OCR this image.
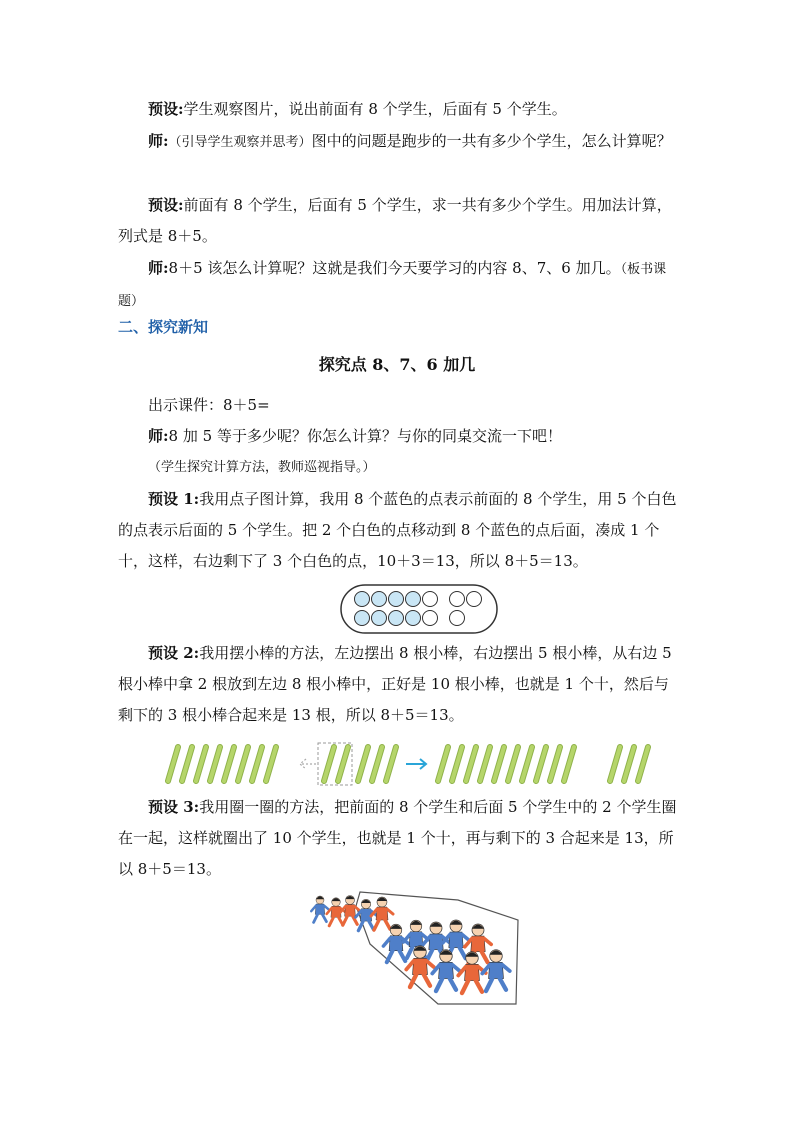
预设:学生观察图片，说出前面有 8 个学生，后面有 5 个学生。

师:（引导学生观察并思考）图中的问题是跑步的一共有多少个学生，怎么计算呢？

预设:前面有 8 个学生，后面有 5 个学生，求一共有多少个学生。用加法计算，列式是 8＋5。

师:8＋5 该怎么计算呢？这就是我们今天要学习的内容 8、7、6 加几。（板书课题）

二、探究新知

探究点 8、7、6 加几

出示课件：8＋5=

师:8 加 5 等于多少呢？你怎么计算？与你的同桌交流一下吧！

（学生探究计算方法，教师巡视指导。）

预设 1:我用点子图计算，我用 8 个蓝色的点表示前面的 8 个学生，用 5 个白色的点表示后面的 5 个学生。把 2 个白色的点移动到 8 个蓝色的点后面，凑成 1 个十，这样，右边剩下了 3 个白色的点，10＋3＝13，所以 8＋5＝13。

预设 2:我用摆小棒的方法，左边摆出 8 根小棒，右边摆出 5 根小棒，从右边 5 根小棒中拿 2 根放到左边 8 根小棒中，正好是 10 根小棒，也就是 1 个十，然后与剩下的 3 根小棒合起来是 13 根，所以 8＋5＝13。

预设 3:我用圈一圈的方法，把前面的 8 个学生和后面 5 个学生中的 2 个学生圈在一起，这样就圈出了 10 个学生，也就是 1 个十，再与剩下的 3 合起来是 13，所以 8＋5＝13。
